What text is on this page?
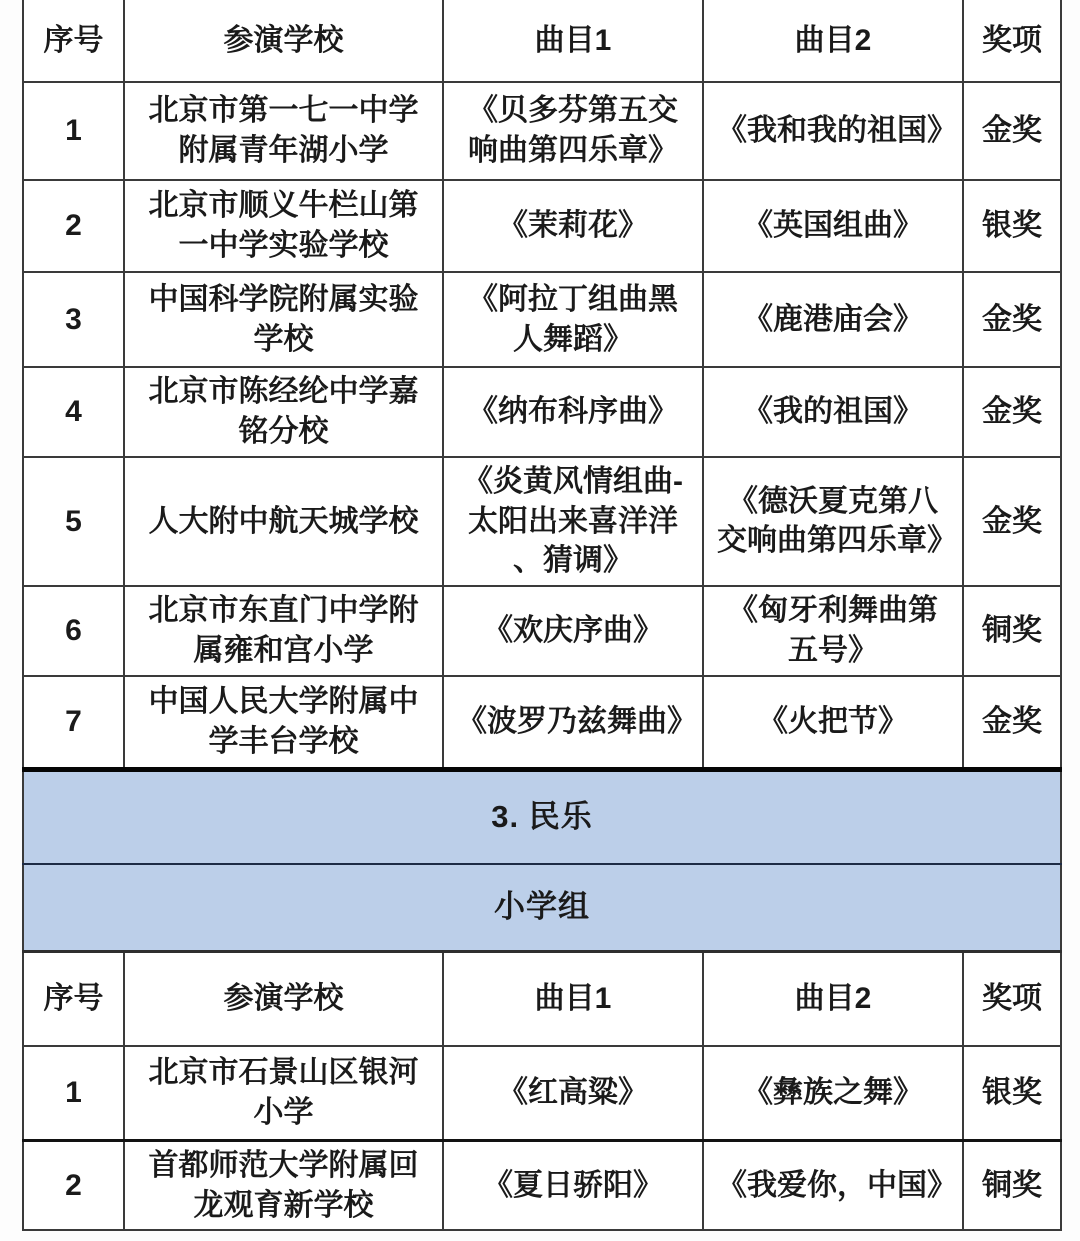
序号	参演学校	曲目1	曲目2	奖项
1	北京市第一七一中学附属青年湖小学	《贝多芬第五交响曲第四乐章》	《我和我的祖国》	金奖
2	北京市顺义牛栏山第一中学实验学校	《茉莉花》	《英国组曲》	银奖
3	中国科学院附属实验学校	《阿拉丁组曲黑人舞蹈》	《鹿港庙会》	金奖
4	北京市陈经纶中学嘉铭分校	《纳布科序曲》	《我的祖国》	金奖
5	人大附中航天城学校	《炎黄风情组曲-太阳出来喜洋洋、猜调》	《德沃夏克第八交响曲第四乐章》	金奖
6	北京市东直门中学附属雍和宫小学	《欢庆序曲》	《匈牙利舞曲第五号》	铜奖
7	中国人民大学附属中学丰台学校	《波罗乃兹舞曲》	《火把节》	金奖
3. 民乐				
小学组				
序号	参演学校	曲目1	曲目2	奖项
1	北京市石景山区银河小学	《红高粱》	《彝族之舞》	银奖
2	首都师范大学附属回龙观育新学校	《夏日骄阳》	《我爱你，中国》	铜奖
